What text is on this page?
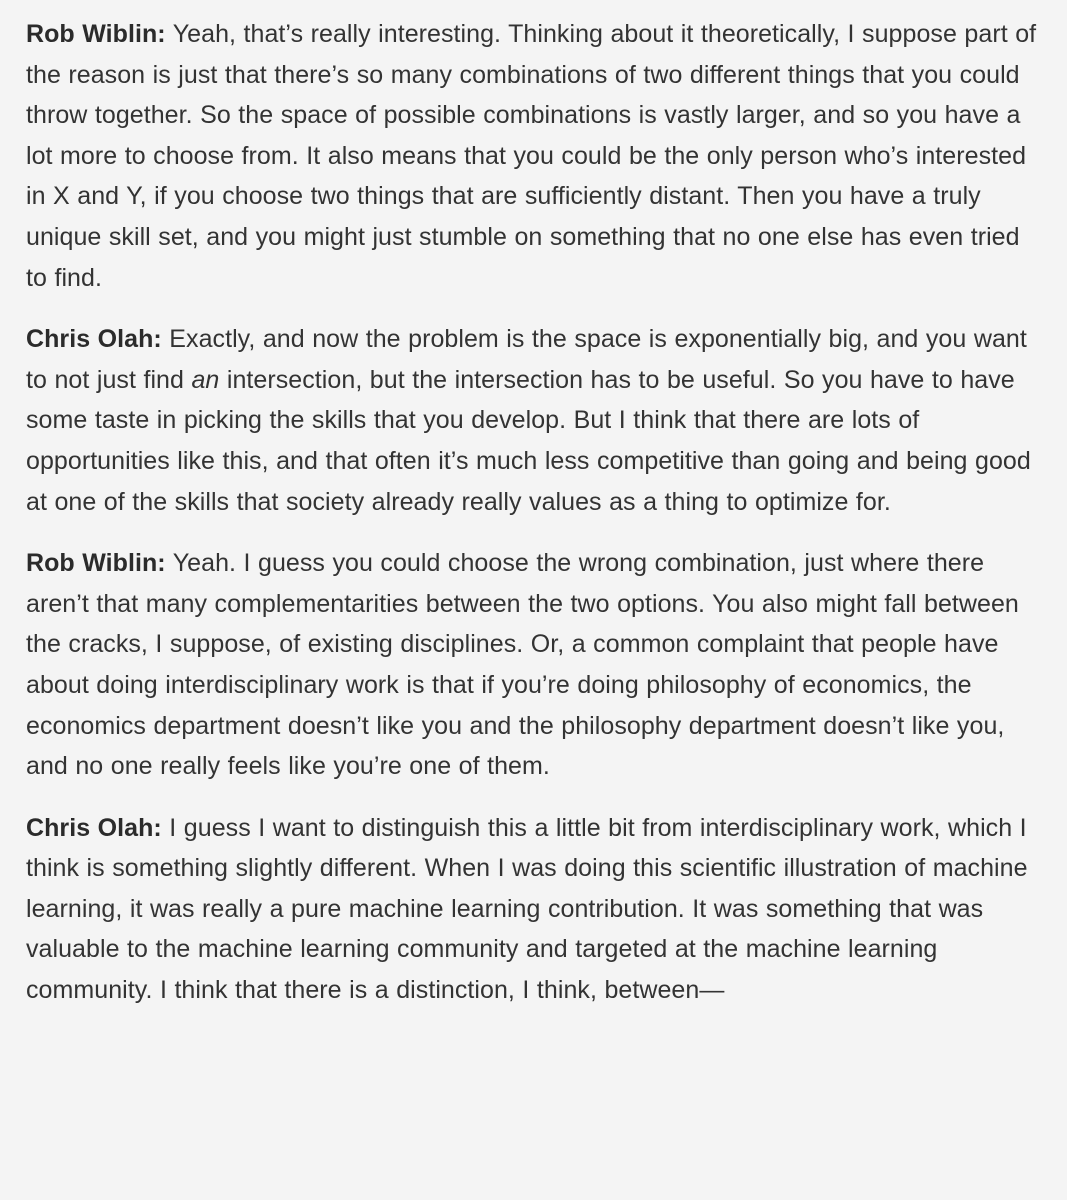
Rob Wiblin: Yeah, that’s really interesting. Thinking about it theoretically, I suppose part of the reason is just that there’s so many combinations of two different things that you could throw together. So the space of possible combinations is vastly larger, and so you have a lot more to choose from. It also means that you could be the only person who’s interested in X and Y, if you choose two things that are sufficiently distant. Then you have a truly unique skill set, and you might just stumble on something that no one else has even tried to find.

Chris Olah: Exactly, and now the problem is the space is exponentially big, and you want to not just find an intersection, but the intersection has to be useful. So you have to have some taste in picking the skills that you develop. But I think that there are lots of opportunities like this, and that often it’s much less competitive than going and being good at one of the skills that society already really values as a thing to optimize for.

Rob Wiblin: Yeah. I guess you could choose the wrong combination, just where there aren’t that many complementarities between the two options. You also might fall between the cracks, I suppose, of existing disciplines. Or, a common complaint that people have about doing interdisciplinary work is that if you’re doing philosophy of economics, the economics department doesn’t like you and the philosophy department doesn’t like you, and no one really feels like you’re one of them.

Chris Olah: I guess I want to distinguish this a little bit from interdisciplinary work, which I think is something slightly different. When I was doing this scientific illustration of machine learning, it was really a pure machine learning contribution. It was something that was valuable to the machine learning community and targeted at the machine learning community. I think that there is a distinction, I think, between—
